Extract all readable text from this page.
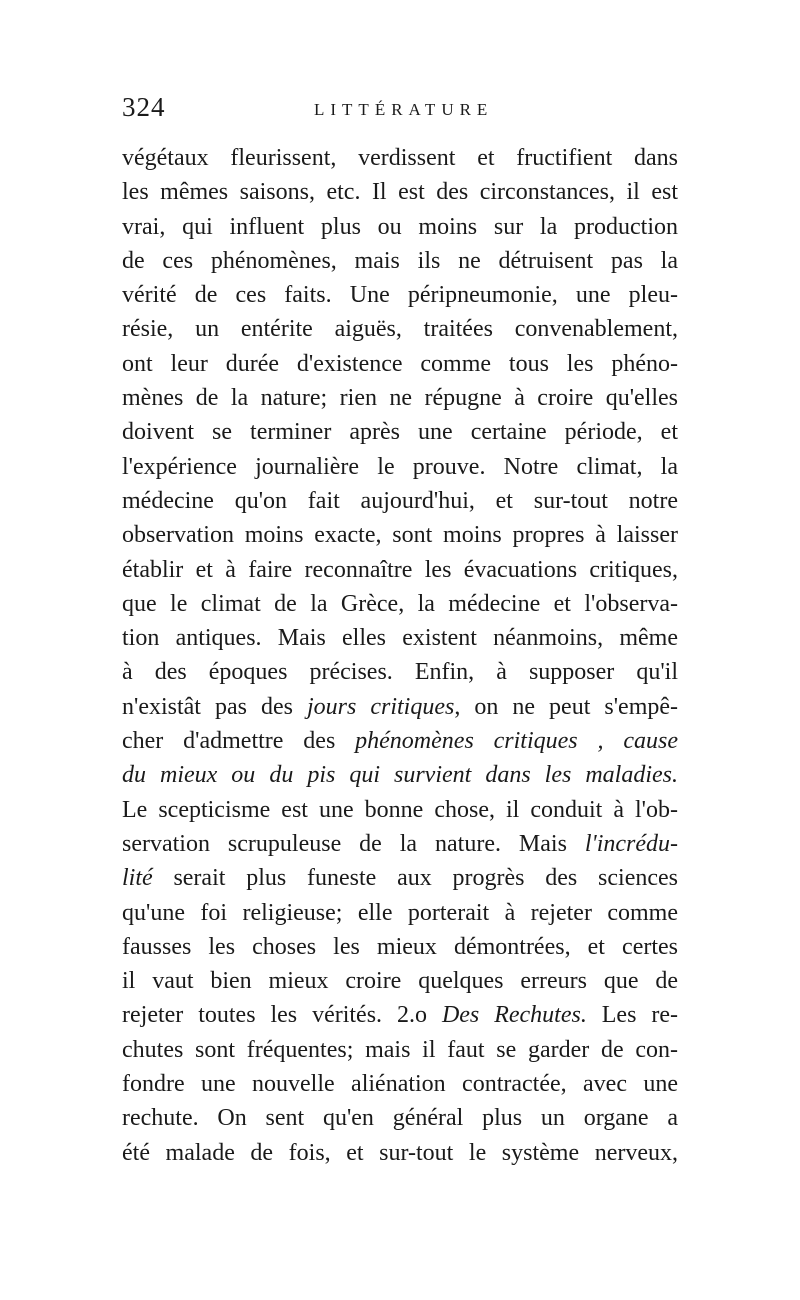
324	LITTÉRATURE
végétaux fleurissent, verdissent et fructifient dans
les mêmes saisons, etc. Il est des circonstances, il est
vrai, qui influent plus ou moins sur la production
de ces phénomènes, mais ils ne détruisent pas la
vérité de ces faits. Une péripneumonie, une pleu-
résie, un entérite aiguës, traitées convenablement,
ont leur durée d'existence comme tous les phéno-
mènes de la nature; rien ne répugne à croire qu'elles
doivent se terminer après une certaine période, et
l'expérience journalière le prouve. Notre climat, la
médecine qu'on fait aujourd'hui, et sur-tout notre
observation moins exacte, sont moins propres à laisser
établir et à faire reconnaître les évacuations critiques,
que le climat de la Grèce, la médecine et l'observa-
tion antiques. Mais elles existent néanmoins, même
à des époques précises. Enfin, à supposer qu'il
n'existât pas des jours critiques, on ne peut s'empê-
cher d'admettre des phénomènes critiques , cause
du mieux ou du pis qui survient dans les maladies.
Le scepticisme est une bonne chose, il conduit à l'ob-
servation scrupuleuse de la nature. Mais l'incrédu-
lité serait plus funeste aux progrès des sciences
qu'une foi religieuse; elle porterait à rejeter comme
fausses les choses les mieux démontrées, et certes
il vaut bien mieux croire quelques erreurs que de
rejeter toutes les vérités. 2.o Des Rechutes. Les re-
chutes sont fréquentes; mais il faut se garder de con-
fondre une nouvelle aliénation contractée, avec une
rechute. On sent qu'en général plus un organe a
été malade de fois, et sur-tout le système nerveux,
